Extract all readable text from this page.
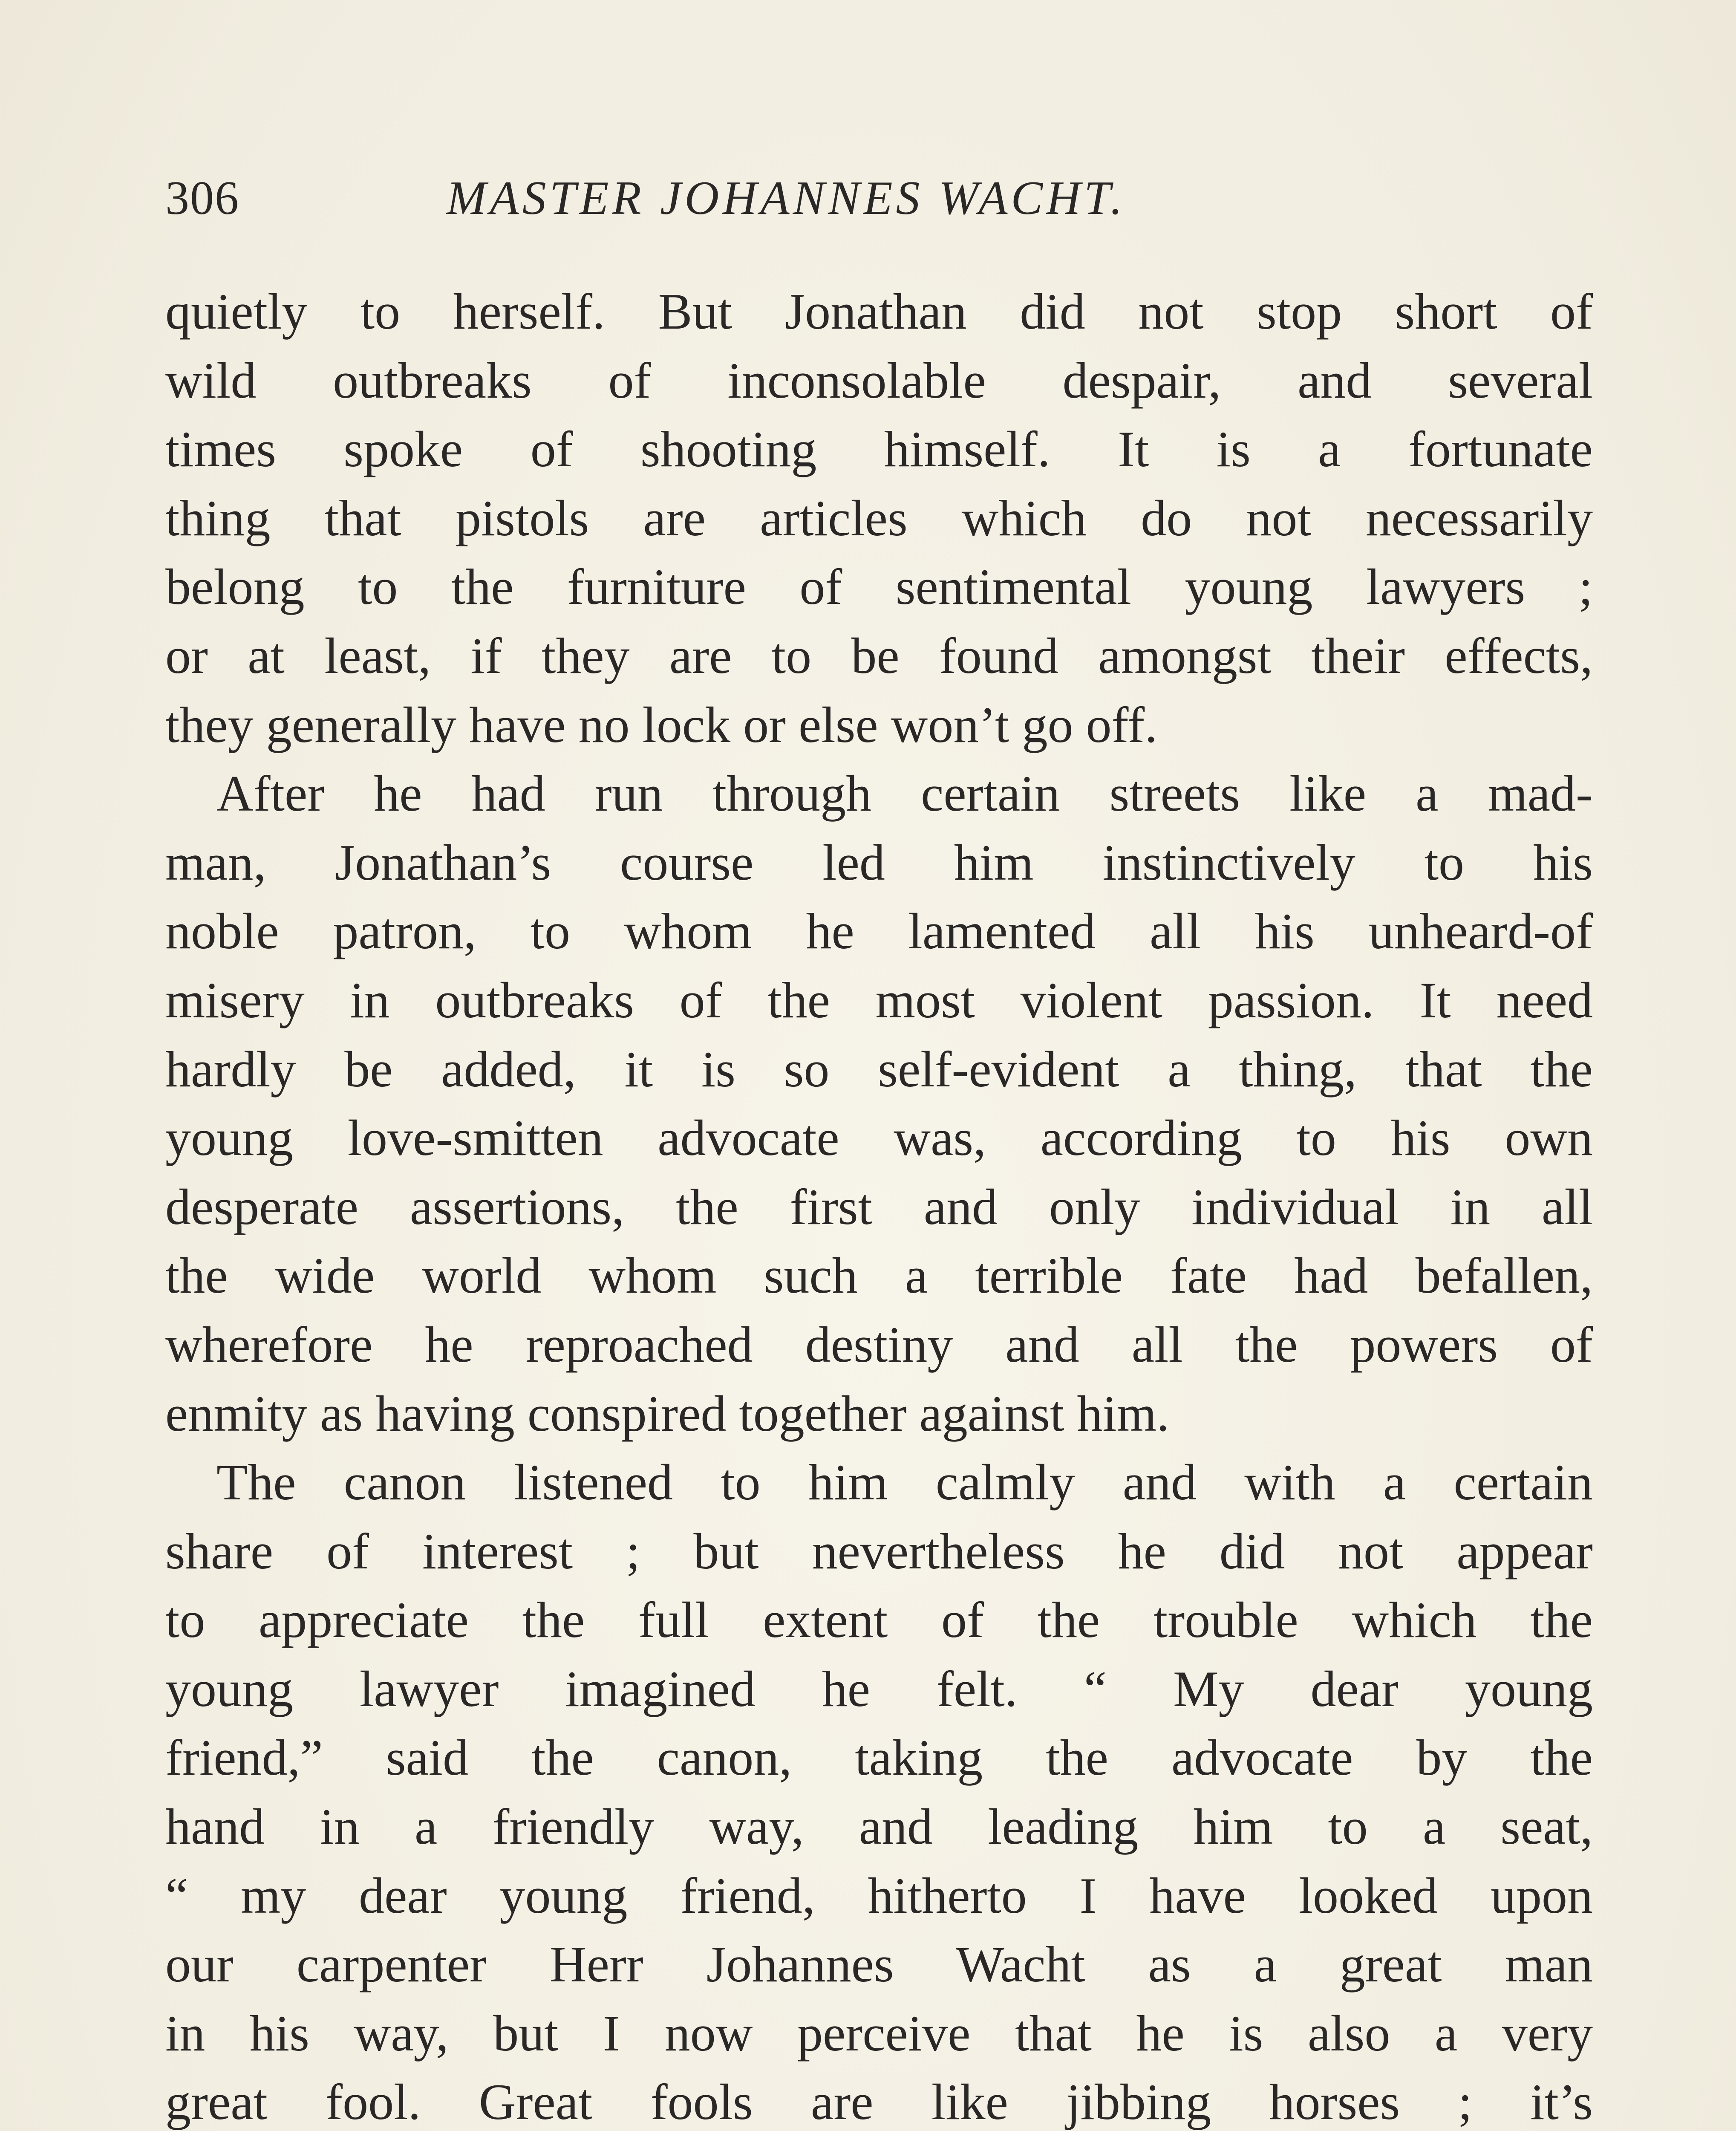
306	MASTER JOHANNES WACHT.
quietly to herself. But Jonathan did not stop short of
wild outbreaks of inconsolable despair, and several
times spoke of shooting himself. It is a fortunate
thing that pistols are articles which do not necessarily
belong to the furniture of sentimental young lawyers ;
or at least, if they are to be found amongst their effects,
they generally have no lock or else won’t go off.
After he had run through certain streets like a mad-
man, Jonathan’s course led him instinctively to his
noble patron, to whom he lamented all his unheard-of
misery in outbreaks of the most violent passion. It need
hardly be added, it is so self-evident a thing, that the
young love-smitten advocate was, according to his own
desperate assertions, the first and only individual in all
the wide world whom such a terrible fate had befallen,
wherefore he reproached destiny and all the powers of
enmity as having conspired together against him.
The canon listened to him calmly and with a certain
share of interest ; but nevertheless he did not appear
to appreciate the full extent of the trouble which the
young lawyer imagined he felt. “ My dear young
friend,” said the canon, taking the advocate by the
hand in a friendly way, and leading him to a seat,
“ my dear young friend, hitherto I have looked upon
our carpenter Herr Johannes Wacht as a great man
in his way, but I now perceive that he is also a very
great fool. Great fools are like jibbing horses ; it’s
